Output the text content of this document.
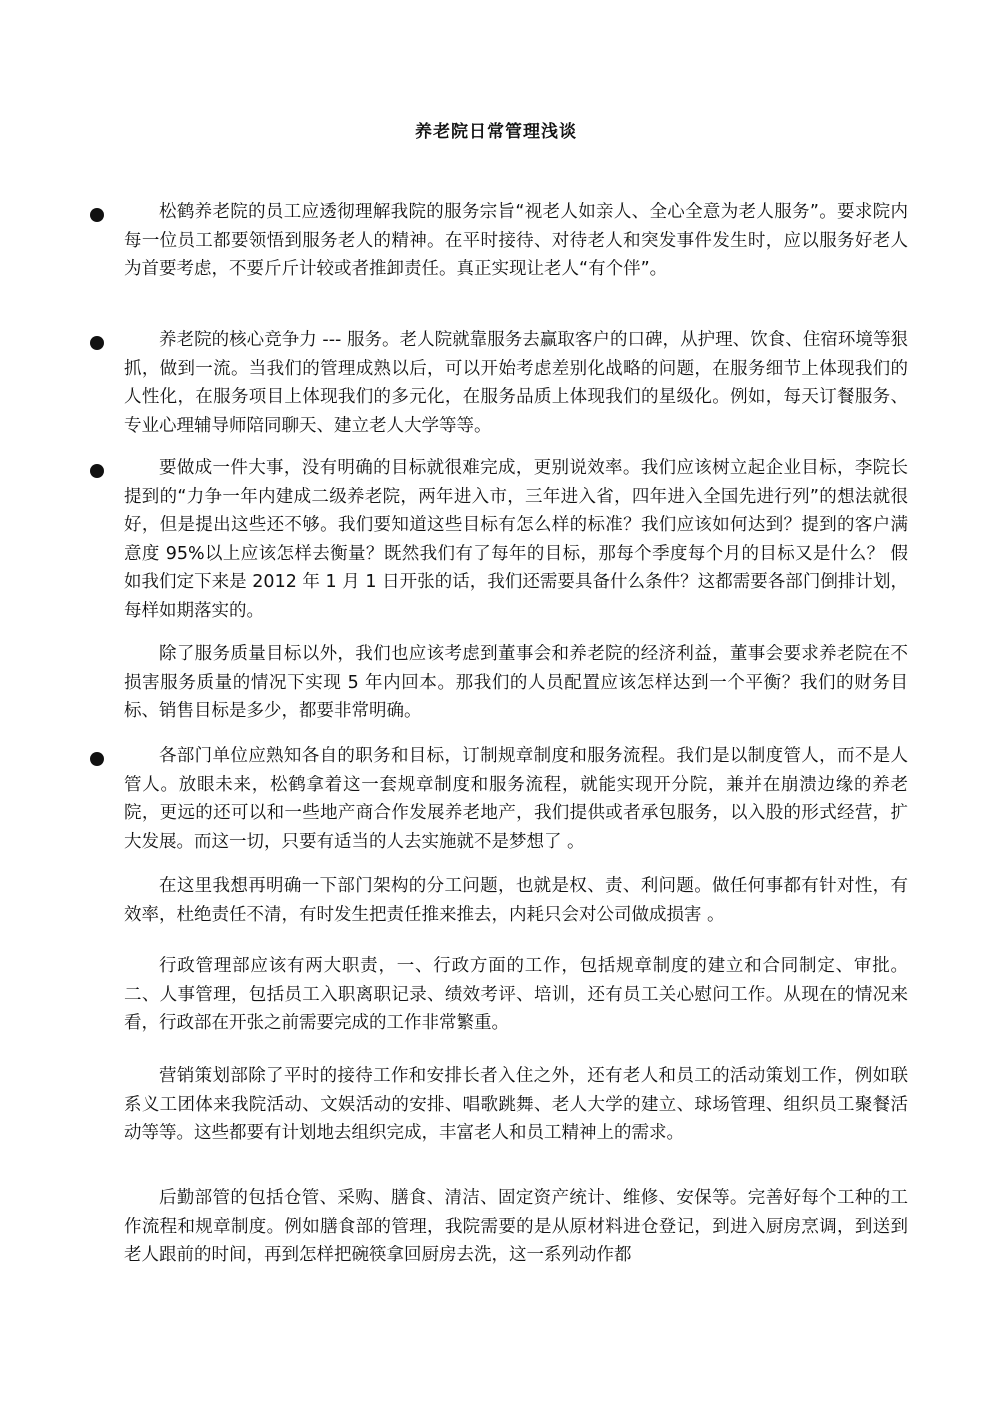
养老院日常管理浅谈

松鹤养老院的员工应透彻理解我院的服务宗旨“视老人如亲人、全心全意为老人服务”。要求院内每一位员工都要领悟到服务老人的精神。在平时接待、对待老人和突发事件发生时，应以服务好老人为首要考虑，不要斤斤计较或者推卸责任。真正实现让老人“有个伴”。

养老院的核心竞争力 --- 服务。老人院就靠服务去赢取客户的口碑，从护理、饮食、住宿环境等狠抓，做到一流。当我们的管理成熟以后，可以开始考虑差别化战略的问题，在服务细节上体现我们的人性化，在服务项目上体现我们的多元化，在服务品质上体现我们的星级化。例如，每天订餐服务、专业心理辅导师陪同聊天、建立老人大学等等。

要做成一件大事，没有明确的目标就很难完成，更别说效率。我们应该树立起企业目标，李院长提到的“力争一年内建成二级养老院，两年进入市，三年进入省，四年进入全国先进行列”的想法就很好，但是提出这些还不够。我们要知道这些目标有怎么样的标准？我们应该如何达到？提到的客户满意度 95%以上应该怎样去衡量？既然我们有了每年的目标，那每个季度每个月的目标又是什么？ 假如我们定下来是 2012 年 1 月 1 日开张的话，我们还需要具备什么条件？这都需要各部门倒排计划，每样如期落实的。

除了服务质量目标以外，我们也应该考虑到董事会和养老院的经济利益，董事会要求养老院在不损害服务质量的情况下实现 5 年内回本。那我们的人员配置应该怎样达到一个平衡？我们的财务目标、销售目标是多少，都要非常明确。

各部门单位应熟知各自的职务和目标，订制规章制度和服务流程。我们是以制度管人，而不是人管人。放眼未来，松鹤拿着这一套规章制度和服务流程，就能实现开分院，兼并在崩溃边缘的养老院，更远的还可以和一些地产商合作发展养老地产，我们提供或者承包服务，以入股的形式经营，扩大发展。而这一切，只要有适当的人去实施就不是梦想了 。

在这里我想再明确一下部门架构的分工问题，也就是权、责、利问题。做任何事都有针对性，有效率，杜绝责任不清，有时发生把责任推来推去，内耗只会对公司做成损害 。

行政管理部应该有两大职责，一、行政方面的工作，包括规章制度的建立和合同制定、审批。二、人事管理，包括员工入职离职记录、绩效考评、培训，还有员工关心慰问工作。从现在的情况来看，行政部在开张之前需要完成的工作非常繁重。

营销策划部除了平时的接待工作和安排长者入住之外，还有老人和员工的活动策划工作，例如联系义工团体来我院活动、文娱活动的安排、唱歌跳舞、老人大学的建立、球场管理、组织员工聚餐活动等等。这些都要有计划地去组织完成，丰富老人和员工精神上的需求。

后勤部管的包括仓管、采购、膳食、清洁、固定资产统计、维修、安保等。完善好每个工种的工作流程和规章制度。例如膳食部的管理，我院需要的是从原材料进仓登记，到进入厨房烹调，到送到老人跟前的时间，再到怎样把碗筷拿回厨房去洗，这一系列动作都
